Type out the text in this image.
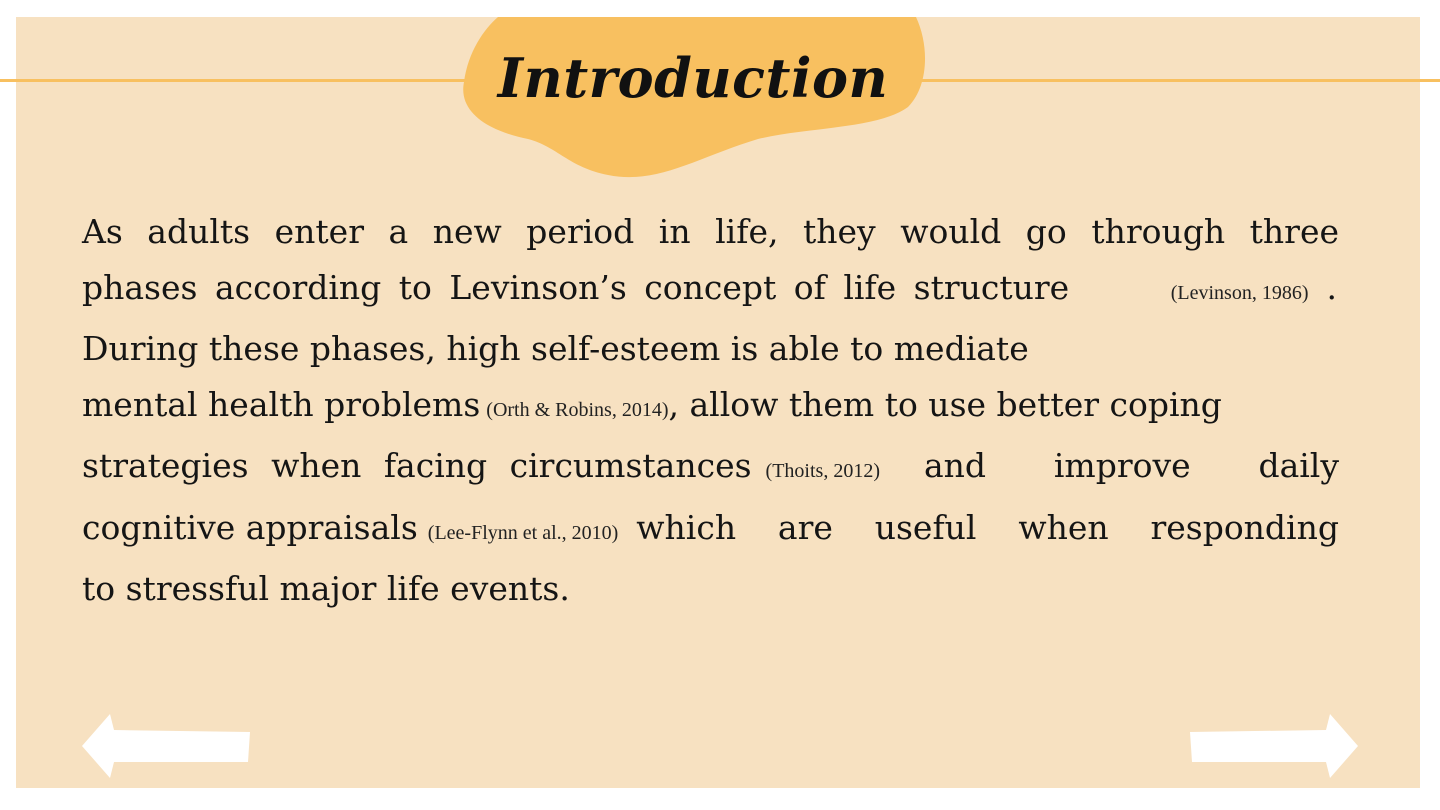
Introduction
As adults enter a new period in life, they would go through three
phases according to Levinson’s concept of life structure	(Levinson, 1986) .
During these phases, high self-esteem is able to mediate
mental health problems (Orth & Robins, 2014), allow them to use better coping
strategies when facing circumstances (Thoits, 2012) and improve daily
cognitive appraisals (Lee-Flynn et al., 2010) which are useful when responding
to stressful major life events.
